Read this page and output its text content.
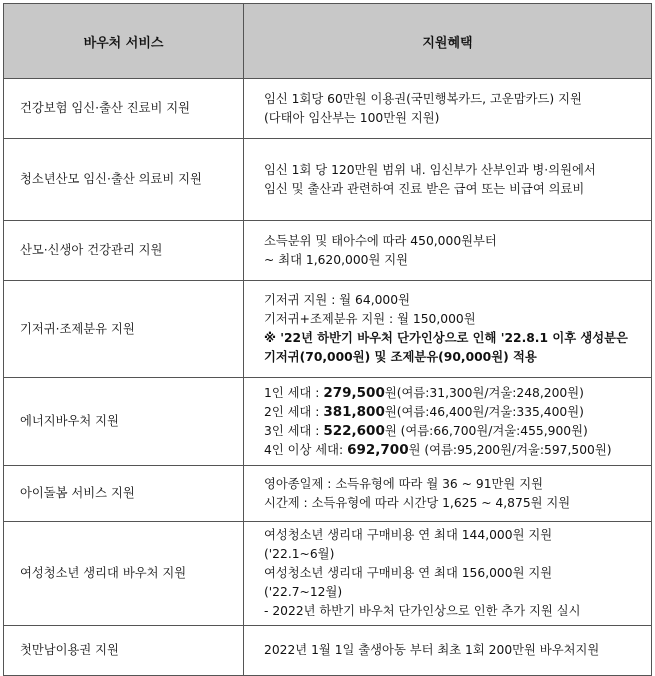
바우처 서비스	지원혜택
건강보험 임신·출산 진료비 지원	임신 1회당 60만원 이용권(국민행복카드, 고운맘카드) 지원
(다태아 임산부는 100만원 지원)

청소년산모 임신·출산 의료비 지원	임신 1회 당 120만원 범위 내. 임신부가 산부인과 병·의원에서
임신 및 출산과 관련하여 진료 받은 급여 또는 비급여 의료비

산모·신생아 건강관리 지원	소득분위 및 태아수에 따라 450,000원부터
~ 최대 1,620,000원 지원

기저귀·조제분유 지원	기저귀 지원 : 월 64,000원
기저귀+조제분유 지원 : 월 150,000원
※ '22년 하반기 바우처 단가인상으로 인해 '22.8.1 이후 생성분은
기저귀(70,000원) 및 조제분유(90,000원) 적용

에너지바우처 지원	1인 세대 : 279,500원(여름:31,300원/겨울:248,200원)
2인 세대 : 381,800원(여름:46,400원/겨울:335,400원)
3인 세대 : 522,600원 (여름:66,700원/겨울:455,900원)
4인 이상 세대: 692,700원 (여름:95,200원/겨울:597,500원)

아이돌봄 서비스 지원	영아종일제 : 소득유형에 따라 월 36 ~ 91만원 지원
시간제 : 소득유형에 따라 시간당 1,625 ~ 4,875원 지원

여성청소년 생리대 바우처 지원	여성청소년 생리대 구매비용 연 최대 144,000원 지원
('22.1~6월)
여성청소년 생리대 구매비용 연 최대 156,000원 지원
('22.7~12월)
- 2022년 하반기 바우처 단가인상으로 인한 추가 지원 실시

첫만남이용권 지원	2022년 1월 1일 출생아동 부터 최초 1회 200만원 바우처지원
